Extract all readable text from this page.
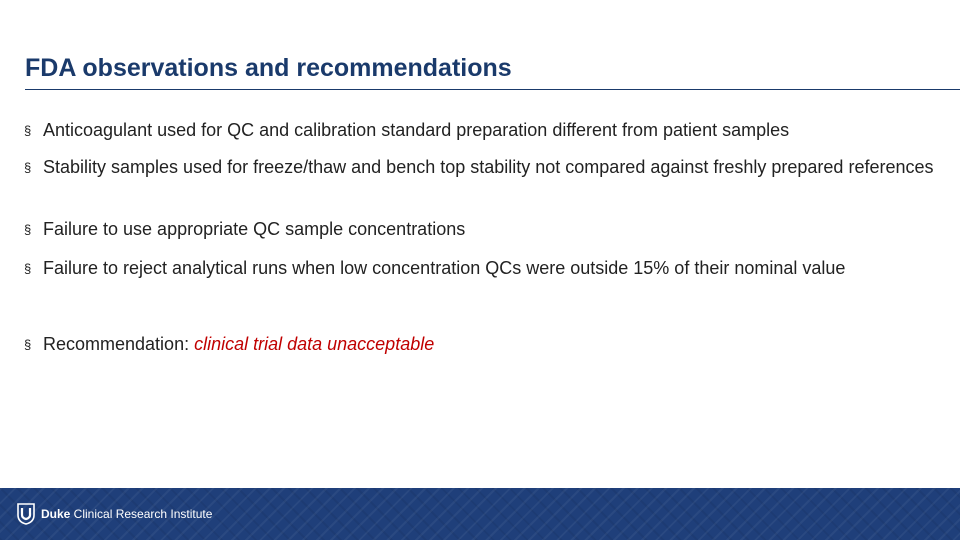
FDA observations and recommendations
§ Anticoagulant used for QC and calibration standard preparation different from patient samples
§ Stability samples used for freeze/thaw and bench top stability not compared against freshly prepared references
§ Failure to use appropriate QC sample concentrations
§ Failure to reject analytical runs when low concentration QCs were outside 15% of their nominal value
§ Recommendation: clinical trial data unacceptable
Duke Clinical Research Institute
